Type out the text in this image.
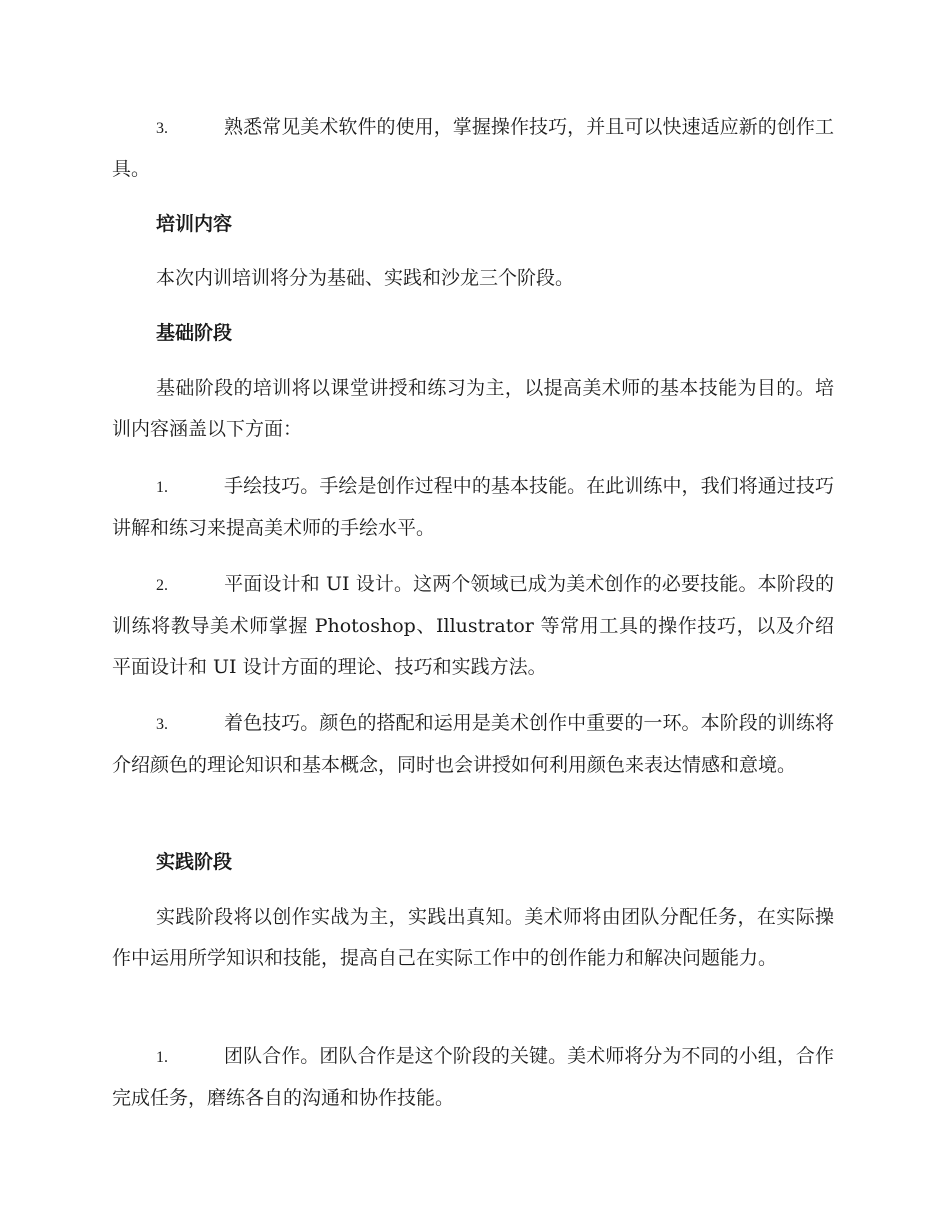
3.	熟悉常见美术软件的使用，掌握操作技巧，并且可以快速适应新的创作工具。

培训内容

本次内训培训将分为基础、实践和沙龙三个阶段。

基础阶段

基础阶段的培训将以课堂讲授和练习为主，以提高美术师的基本技能为目的。培训内容涵盖以下方面：

1.	手绘技巧。手绘是创作过程中的基本技能。在此训练中，我们将通过技巧讲解和练习来提高美术师的手绘水平。

2.	平面设计和 UI 设计。这两个领域已成为美术创作的必要技能。本阶段的训练将教导美术师掌握 Photoshop、Illustrator 等常用工具的操作技巧，以及介绍平面设计和 UI 设计方面的理论、技巧和实践方法。

3.	着色技巧。颜色的搭配和运用是美术创作中重要的一环。本阶段的训练将介绍颜色的理论知识和基本概念，同时也会讲授如何利用颜色来表达情感和意境。

实践阶段

实践阶段将以创作实战为主，实践出真知。美术师将由团队分配任务，在实际操作中运用所学知识和技能，提高自己在实际工作中的创作能力和解决问题能力。

1.	团队合作。团队合作是这个阶段的关键。美术师将分为不同的小组，合作完成任务，磨练各自的沟通和协作技能。
